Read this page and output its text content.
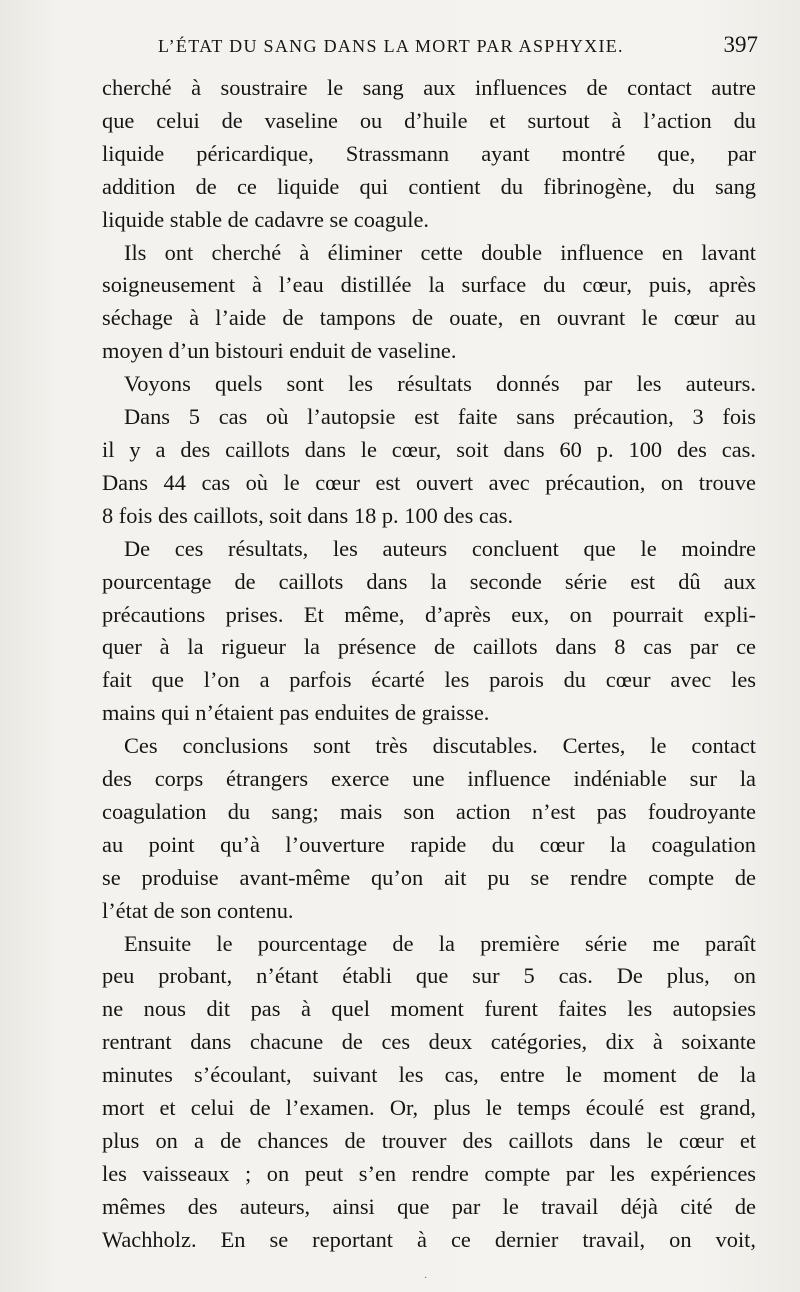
L’ÉTAT DU SANG DANS LA MORT PAR ASPHYXIE.	397
cherché à soustraire le sang aux influences de contact autre
que celui de vaseline ou d’huile et surtout à l’action du
liquide péricardique, Strassmann ayant montré que, par
addition de ce liquide qui contient du fibrinogène, du sang
liquide stable de cadavre se coagule.
Ils ont cherché à éliminer cette double influence en lavant
soigneusement à l’eau distillée la surface du cœur, puis, après
séchage à l’aide de tampons de ouate, en ouvrant le cœur au
moyen d’un bistouri enduit de vaseline.
Voyons quels sont les résultats donnés par les auteurs.
Dans 5 cas où l’autopsie est faite sans précaution, 3 fois
il y a des caillots dans le cœur, soit dans 60 p. 100 des cas.
Dans 44 cas où le cœur est ouvert avec précaution, on trouve
8 fois des caillots, soit dans 18 p. 100 des cas.
De ces résultats, les auteurs concluent que le moindre
pourcentage de caillots dans la seconde série est dû aux
précautions prises. Et même, d’après eux, on pourrait expli-
quer à la rigueur la présence de caillots dans 8 cas par ce
fait que l’on a parfois écarté les parois du cœur avec les
mains qui n’étaient pas enduites de graisse.
Ces conclusions sont très discutables. Certes, le contact
des corps étrangers exerce une influence indéniable sur la
coagulation du sang; mais son action n’est pas foudroyante
au point qu’à l’ouverture rapide du cœur la coagulation
se produise avant-même qu’on ait pu se rendre compte de
l’état de son contenu.
Ensuite le pourcentage de la première série me paraît
peu probant, n’étant établi que sur 5 cas. De plus, on
ne nous dit pas à quel moment furent faites les autopsies
rentrant dans chacune de ces deux catégories, dix à soixante
minutes s’écoulant, suivant les cas, entre le moment de la
mort et celui de l’examen. Or, plus le temps écoulé est grand,
plus on a de chances de trouver des caillots dans le cœur et
les vaisseaux ; on peut s’en rendre compte par les expériences
mêmes des auteurs, ainsi que par le travail déjà cité de
Wachholz. En se reportant à ce dernier travail, on voit,
·
